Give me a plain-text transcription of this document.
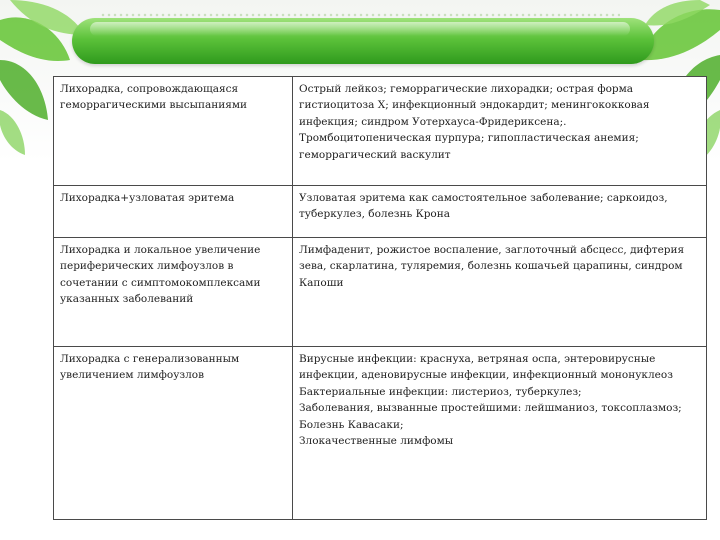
Лихорадка, сопровождающаяся геморрагическими высыпаниями	Острый лейкоз; геморрагические лихорадки; острая форма гистиоцитоза Х; инфекционный эндокардит; менингококковая инфекция; синдром Уотерхауса-Фридериксена;. Тромбоцитопеническая пурпура; гипопластическая анемия; геморрагический васкулит

Лихорадка+узловатая эритема	Узловатая эритема как самостоятельное заболевание; саркоидоз, туберкулез, болезнь Крона

Лихорадка и локальное увеличение периферических лимфоузлов в сочетании с симптомокомплексами указанных заболеваний	Лимфаденит, рожистое воспаление, заглоточный абсцесс, дифтерия зева, скарлатина, туляремия, болезнь кошачьей царапины, синдром Капоши

Лихорадка с генерализованным увеличением лимфоузлов	Вирусные инфекции: краснуха, ветряная оспа, энтеровирусные инфекции, аденовирусные инфекции, инфекционный мононуклеоз
Бактериальные инфекции: листериоз, туберкулез;
Заболевания, вызванные простейшими: лейшманиоз, токсоплазмоз;
Болезнь Кавасаки;
Злокачественные лимфомы
